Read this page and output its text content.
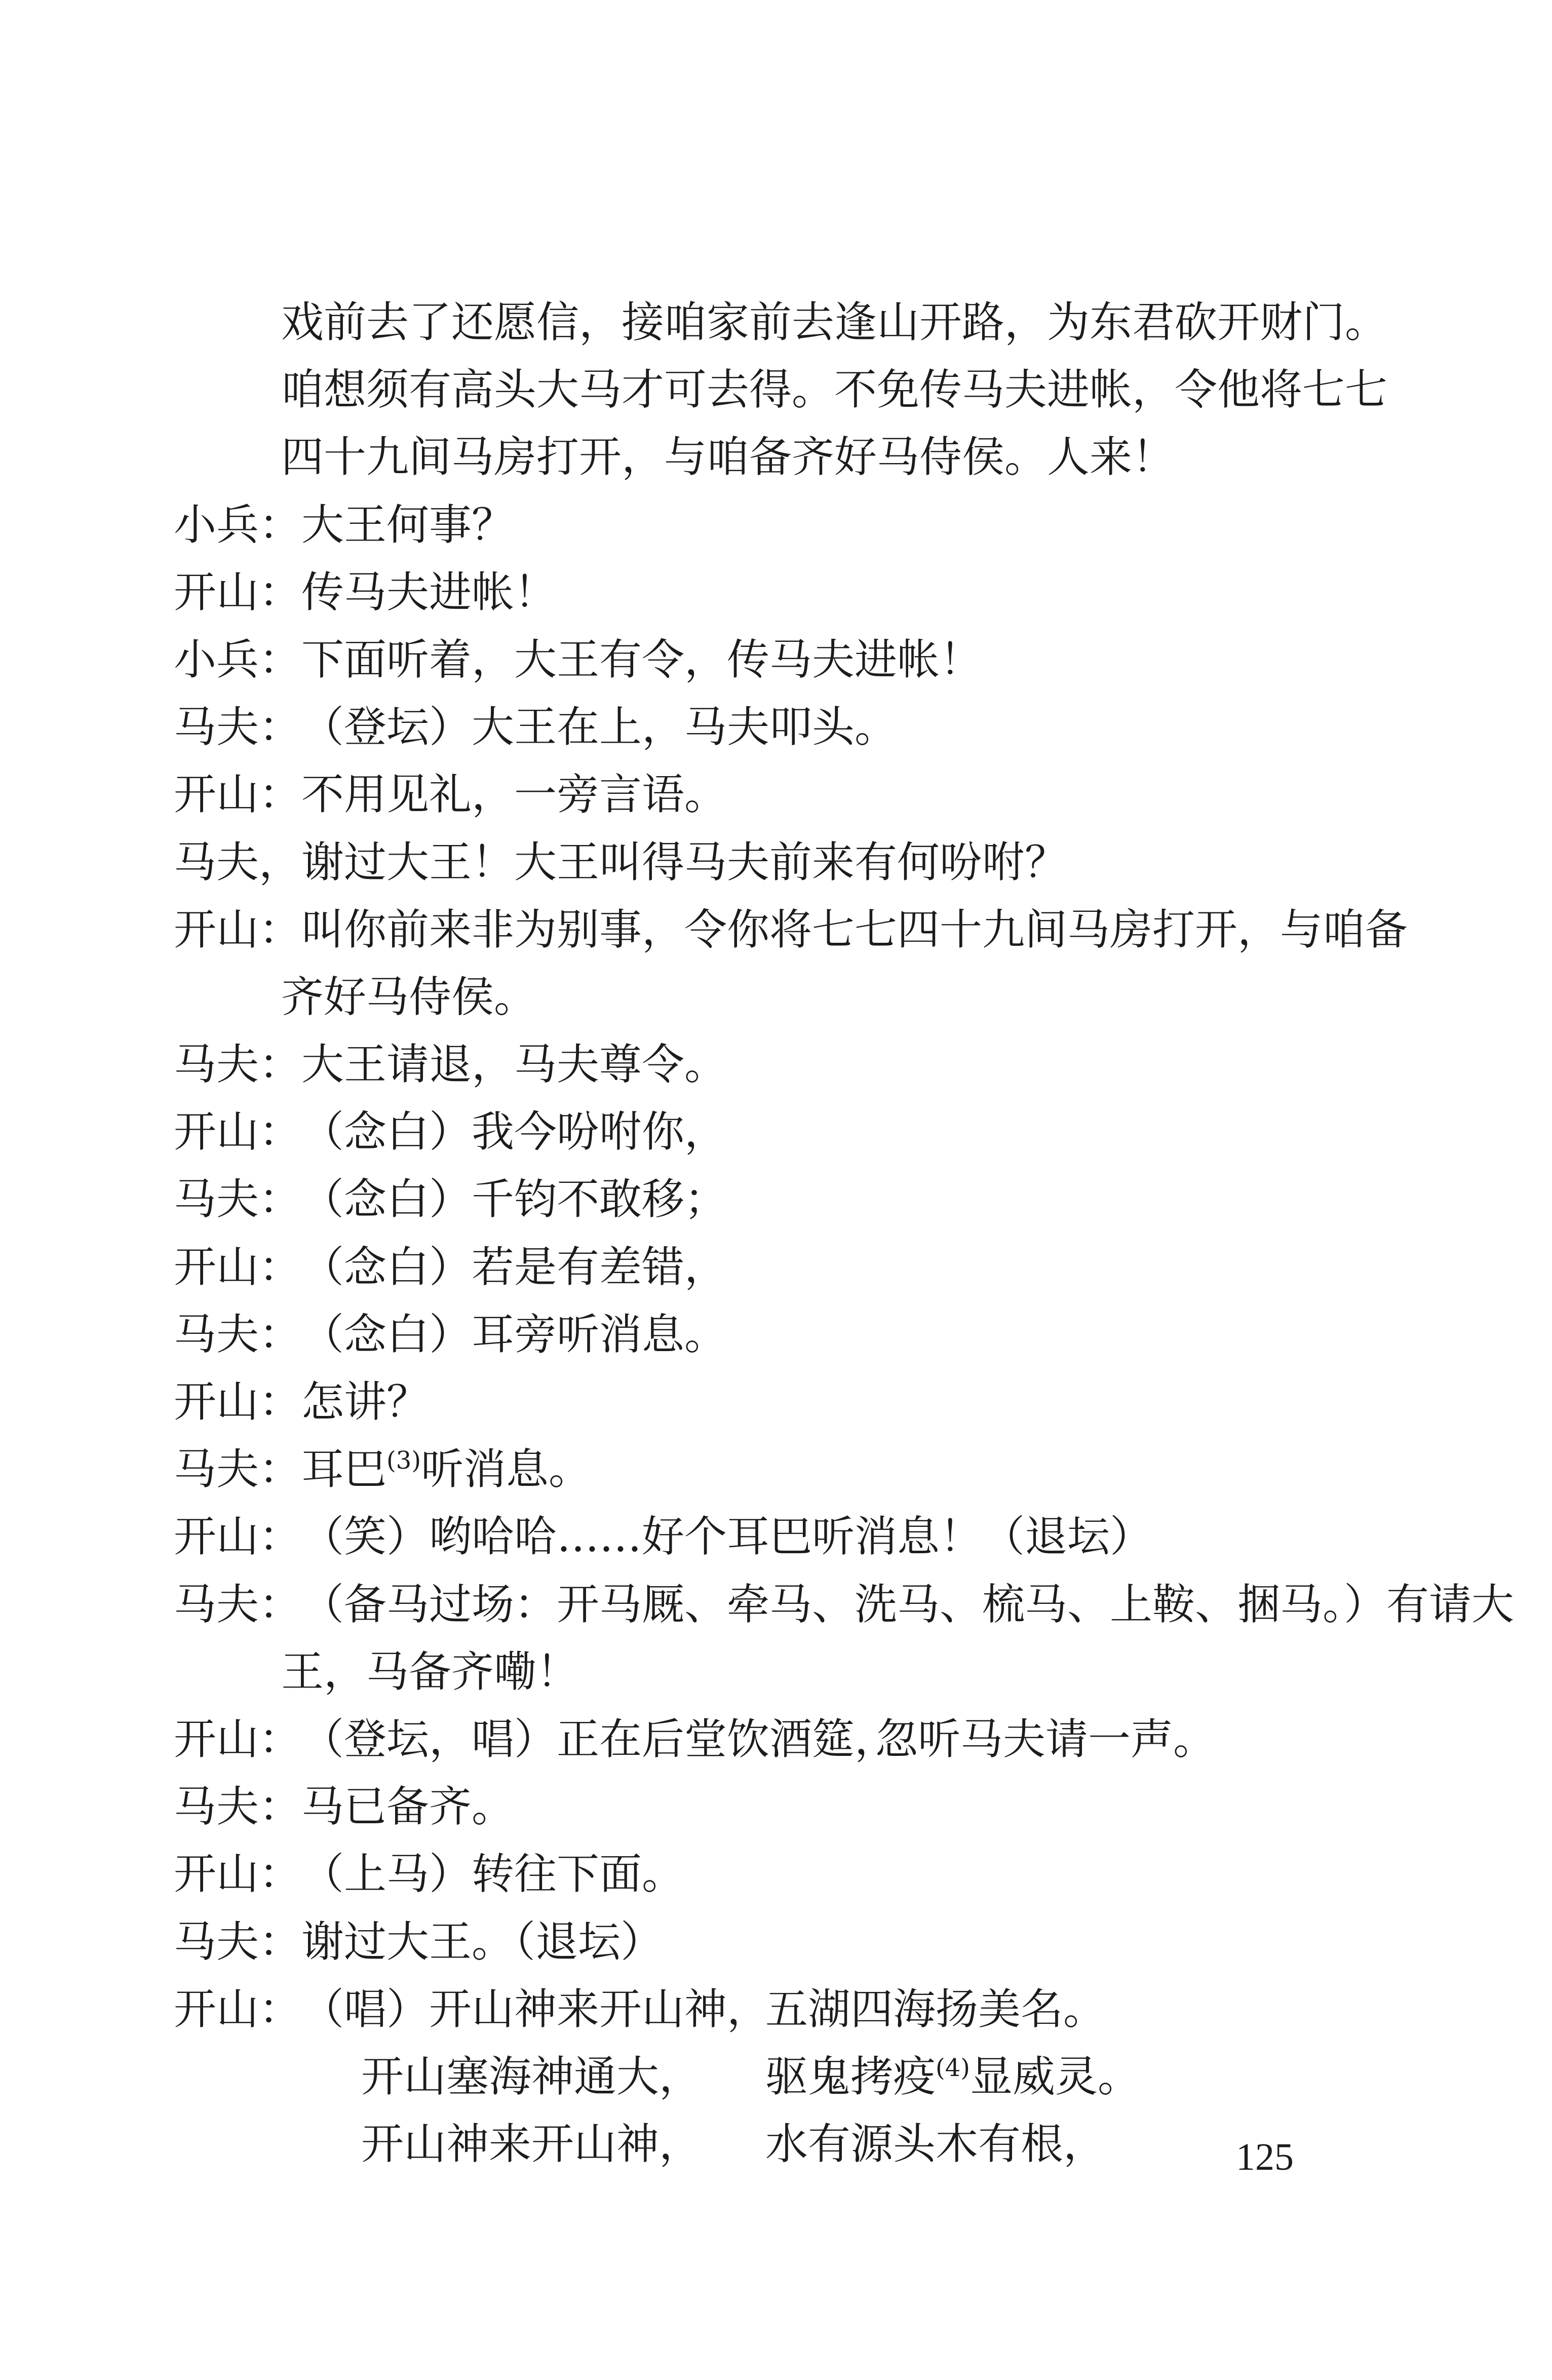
戏前去了还愿信，接咱家前去逢山开路，为东君砍开财门。
咱想须有高头大马才可去得。不免传马夫进帐，令他将七七
四十九间马房打开，与咱备齐好马侍侯。人来！
小兵：大王何事？
开山：传马夫进帐！
小兵：下面听着，大王有令，传马夫进帐！
马夫：（登坛）大王在上，马夫叩头。
开山：不用见礼，一旁言语。
马夫，谢过大王！大王叫得马夫前来有何吩咐？
开山：叫你前来非为别事，令你将七七四十九间马房打开，与咱备
齐好马侍侯。
马夫：大王请退，马夫尊令。
开山：（念白）我今吩咐你，
马夫：（念白）千钧不敢移；
开山：（念白）若是有差错，
马夫：（念白）耳旁听消息。
开山：怎讲？
马夫：耳巴$^{(3)}$听消息。
开山：（笑）哟哈哈……好个耳巴听消息！（退坛）
马夫：（备马过场：开马厩、牵马、洗马、梳马、上鞍、捆马。）有请大
王，马备齐嘞！
开山：（登坛，唱）正在后堂饮酒筵，
忽听马夫请一声。
马夫：马已备齐。
开山：（上马）转往下面。
马夫：谢过大王。（退坛）
开山：（唱）开山神来开山神，
五湖四海扬美名。
开山塞海神通大， 驱鬼拷疫$^{(4)}$显威灵。
开山神来开山神， 水有源头木有根，	125
